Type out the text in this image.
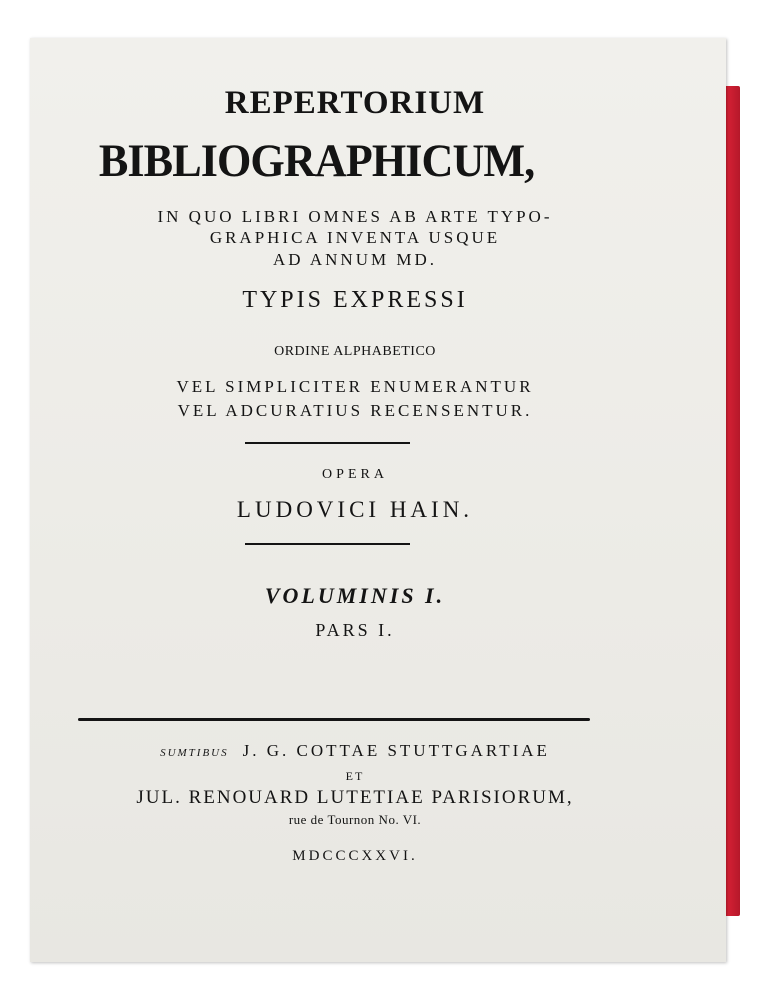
REPERTORIUM
BIBLIOGRAPHICUM,
IN QUO LIBRI OMNES AB ARTE TYPO-
GRAPHICA INVENTA USQUE
AD ANNUM MD.
TYPIS EXPRESSI
ORDINE ALPHABETICO
VEL SIMPLICITER ENUMERANTUR
VEL ADCURATIUS RECENSENTUR.
OPERA
LUDOVICI HAIN.
VOLUMINIS I.
PARS I.
SUMTIBUS J. G. COTTAE STUTTGARTIAE
ET
JUL. RENOUARD LUTETIAE PARISIORUM,
rue de Tournon No. VI.
MDCCCXXVI.
